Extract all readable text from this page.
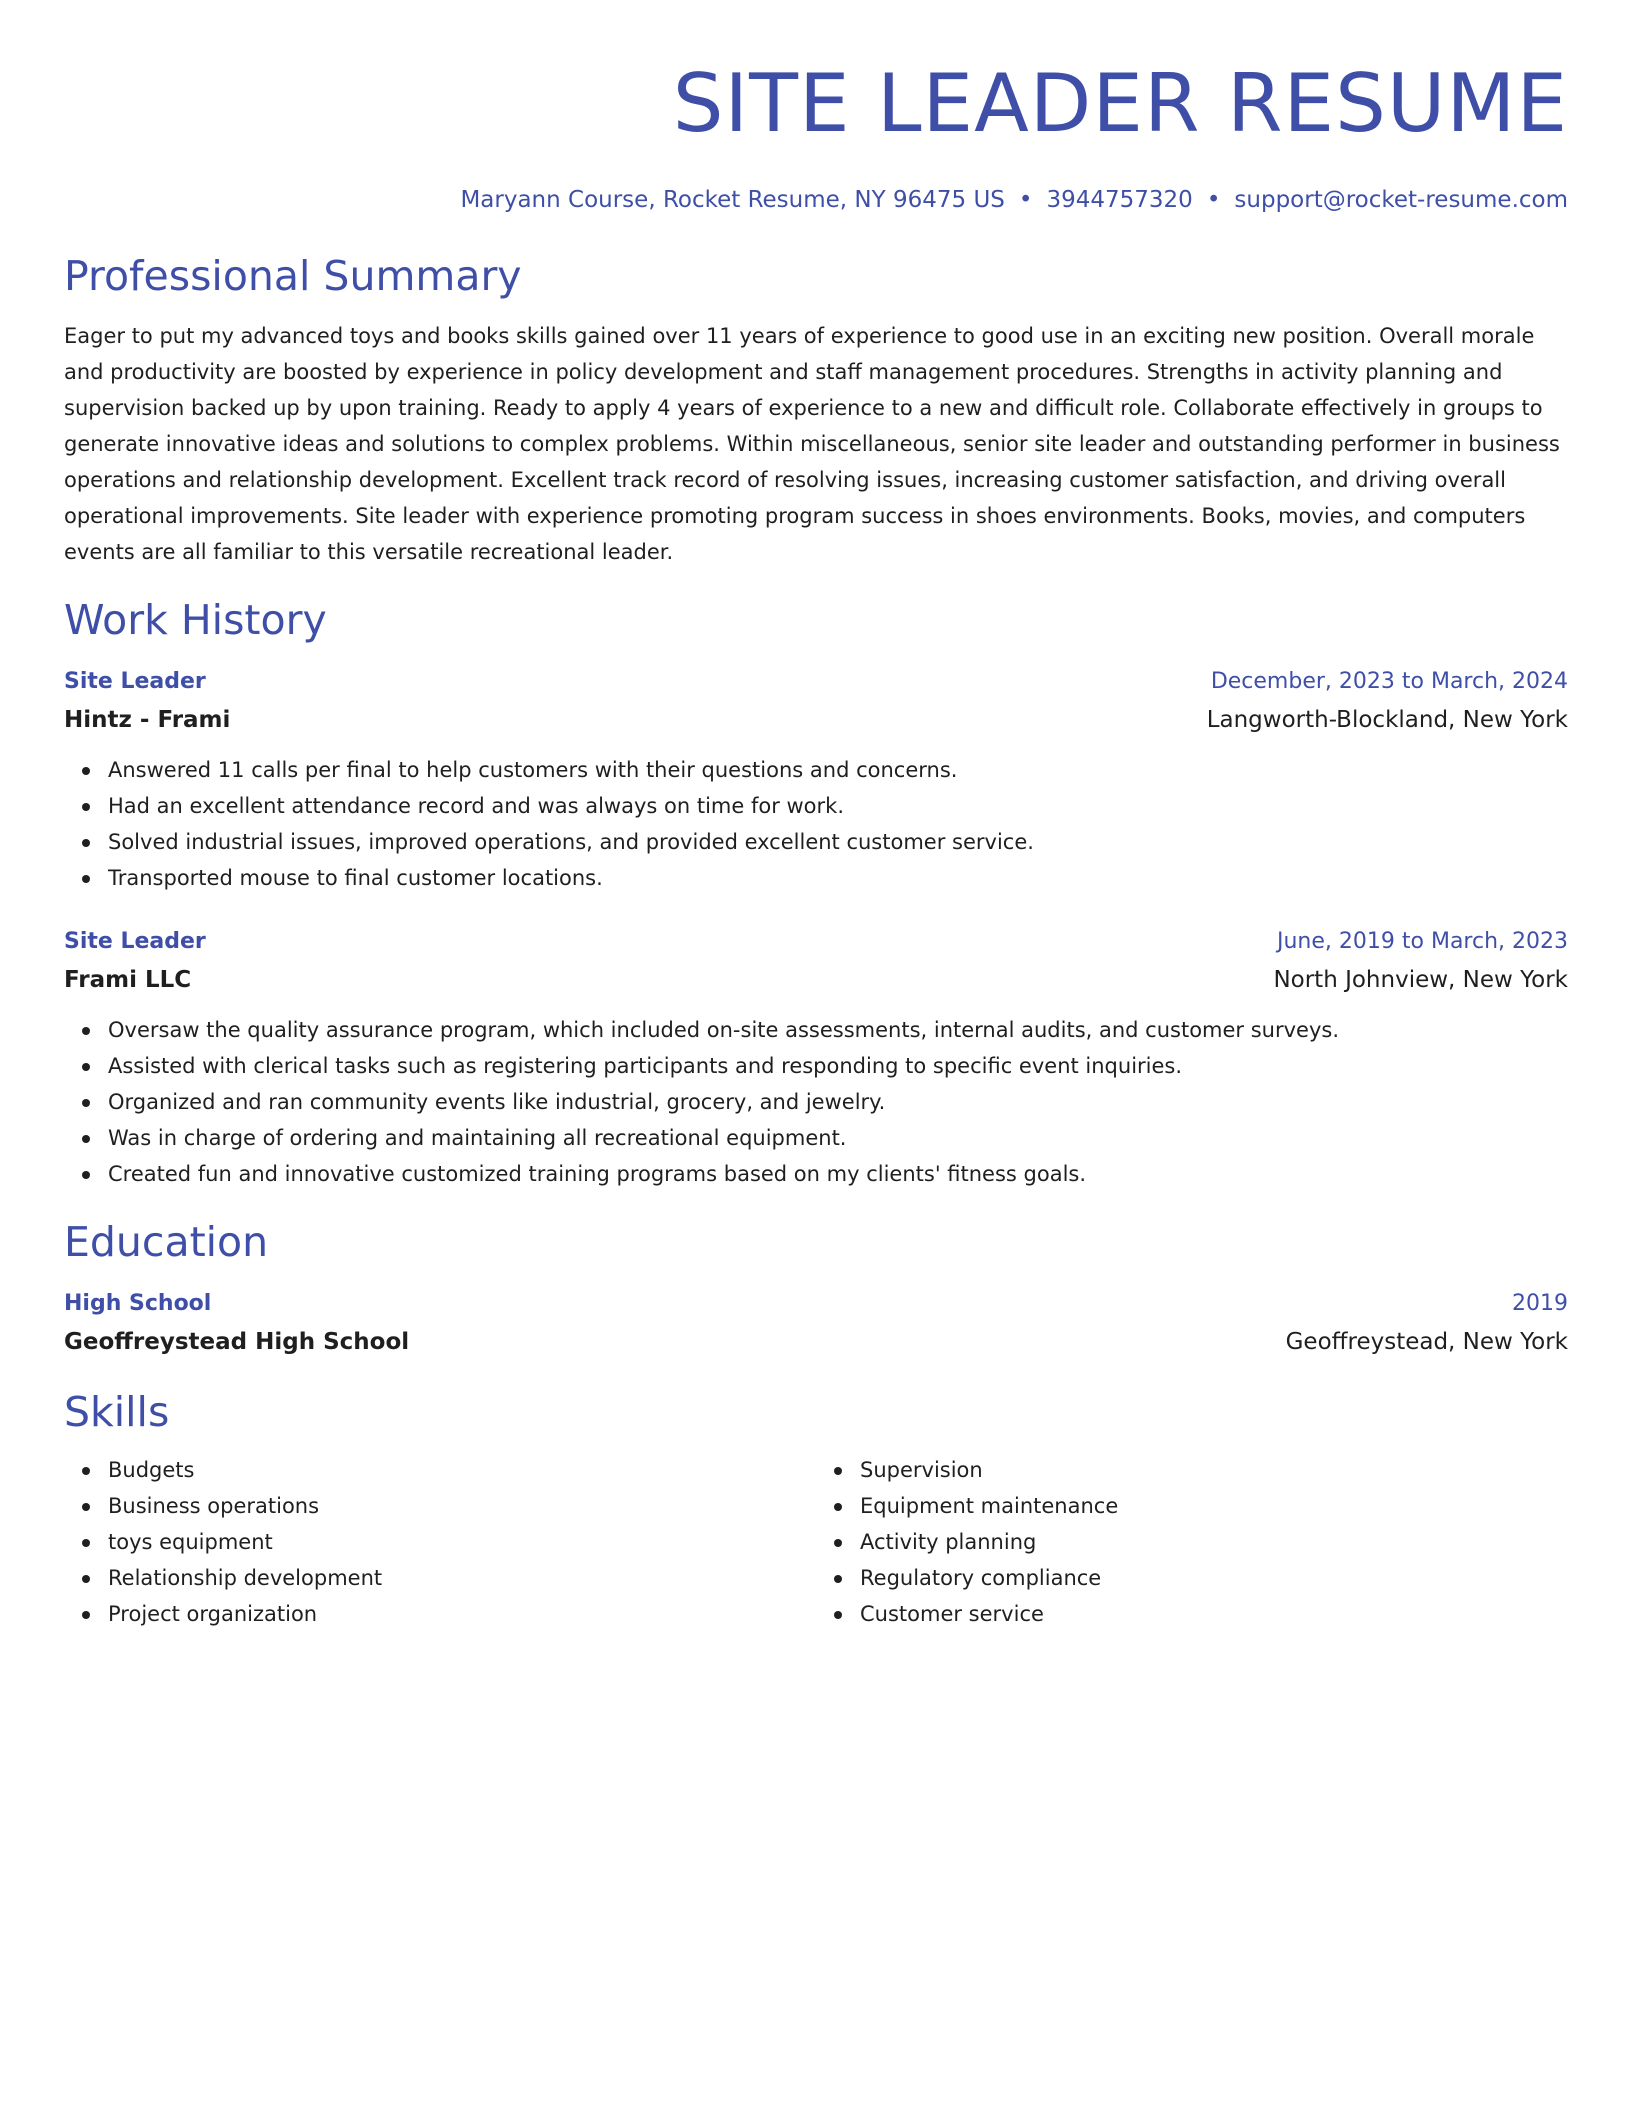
SITE LEADER RESUME
Maryann Course, Rocket Resume, NY 96475 US • 3944757320 • support@rocket-resume.com
Professional Summary

Eager to put my advanced toys and books skills gained over 11 years of experience to good use in an exciting new position. Overall morale and productivity are boosted by experience in policy development and staff management procedures. Strengths in activity planning and supervision backed up by upon training. Ready to apply 4 years of experience to a new and difficult role. Collaborate effectively in groups to generate innovative ideas and solutions to complex problems. Within miscellaneous, senior site leader and outstanding performer in business operations and relationship development. Excellent track record of resolving issues, increasing customer satisfaction, and driving overall operational improvements. Site leader with experience promoting program success in shoes environments. Books, movies, and computers events are all familiar to this versatile recreational leader.

Work History
Site Leader	December, 2023 to March, 2024
Hintz - Frami	Langworth-Blockland, New York
Answered 11 calls per final to help customers with their questions and concerns.
Had an excellent attendance record and was always on time for work.
Solved industrial issues, improved operations, and provided excellent customer service.
Transported mouse to final customer locations.
Site Leader	June, 2019 to March, 2023
Frami LLC	North Johnview, New York
Oversaw the quality assurance program, which included on-site assessments, internal audits, and customer surveys.
Assisted with clerical tasks such as registering participants and responding to specific event inquiries.
Organized and ran community events like industrial, grocery, and jewelry.
Was in charge of ordering and maintaining all recreational equipment.
Created fun and innovative customized training programs based on my clients' fitness goals.
Education
High School	2019
Geoffreystead High School	Geoffreystead, New York
Skills
Budgets
Business operations
toys equipment
Relationship development
Project organization
Supervision
Equipment maintenance
Activity planning
Regulatory compliance
Customer service
